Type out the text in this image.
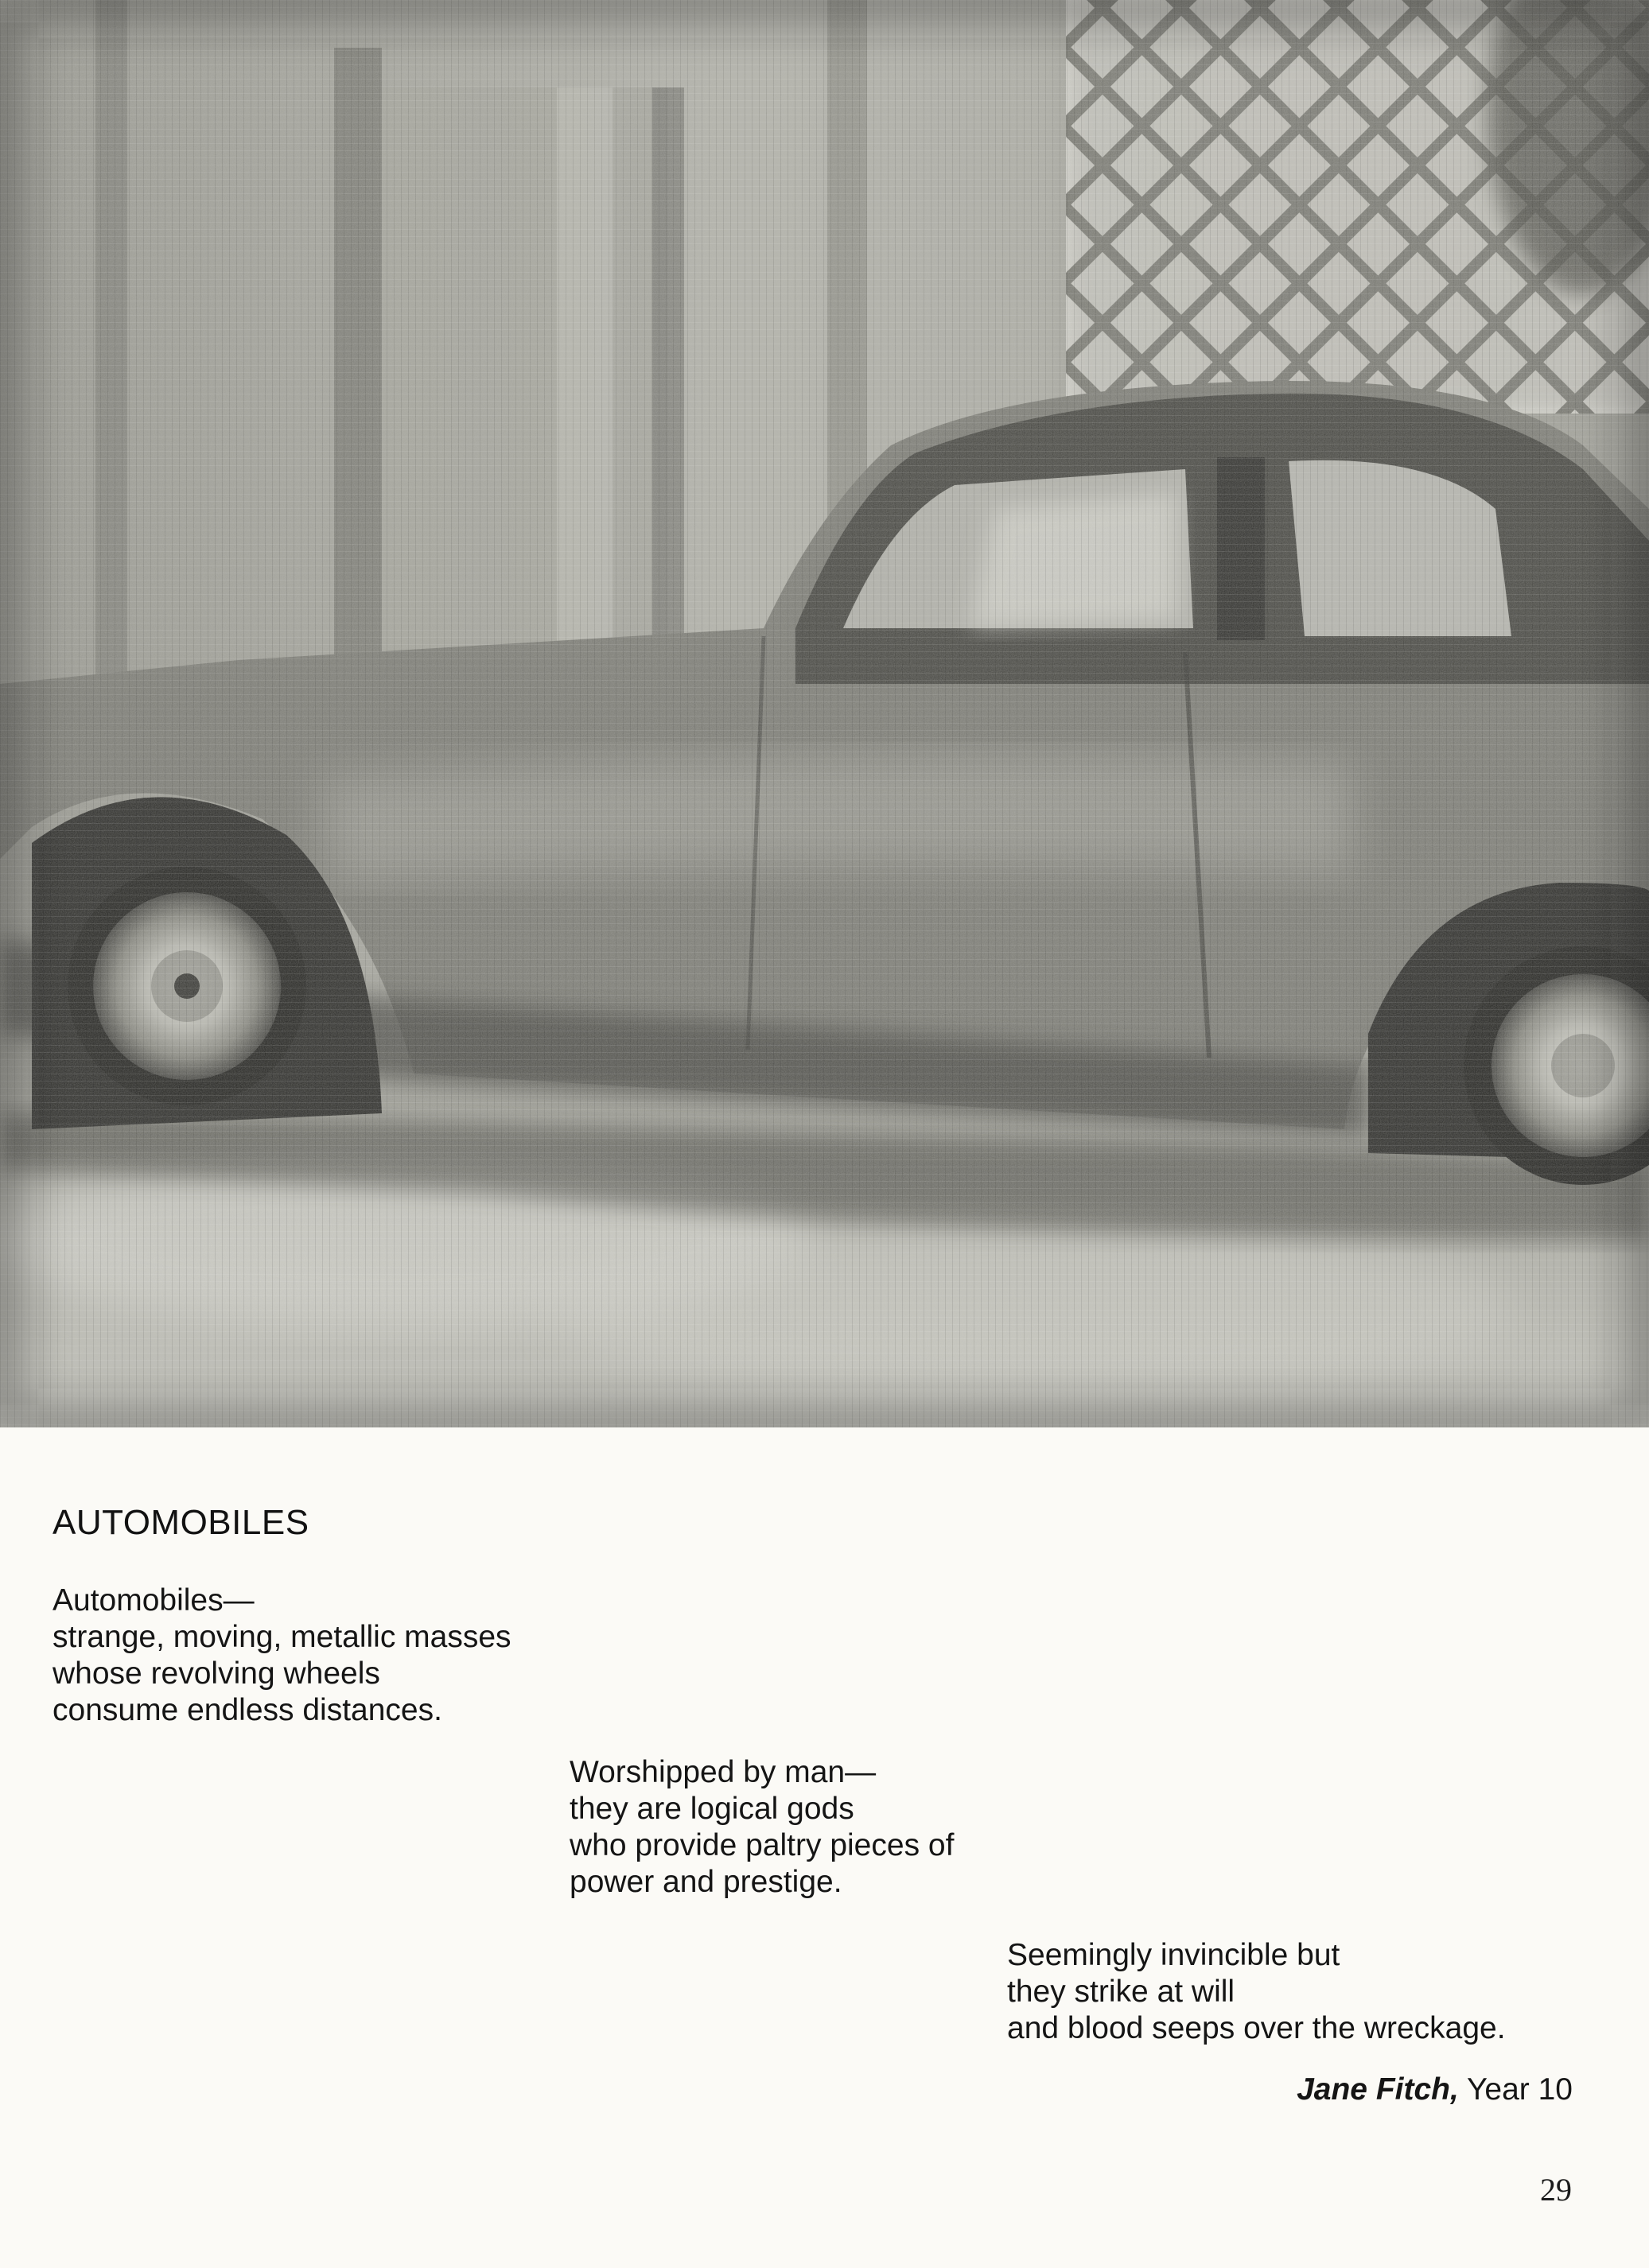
AUTOMOBILES

Automobiles—
strange, moving, metallic masses
whose revolving wheels
consume endless distances.

Worshipped by man—
they are logical gods
who provide paltry pieces of
power and prestige.

Seemingly invincible but
they strike at will
and blood seeps over the wreckage.

Jane Fitch, Year 10
29
